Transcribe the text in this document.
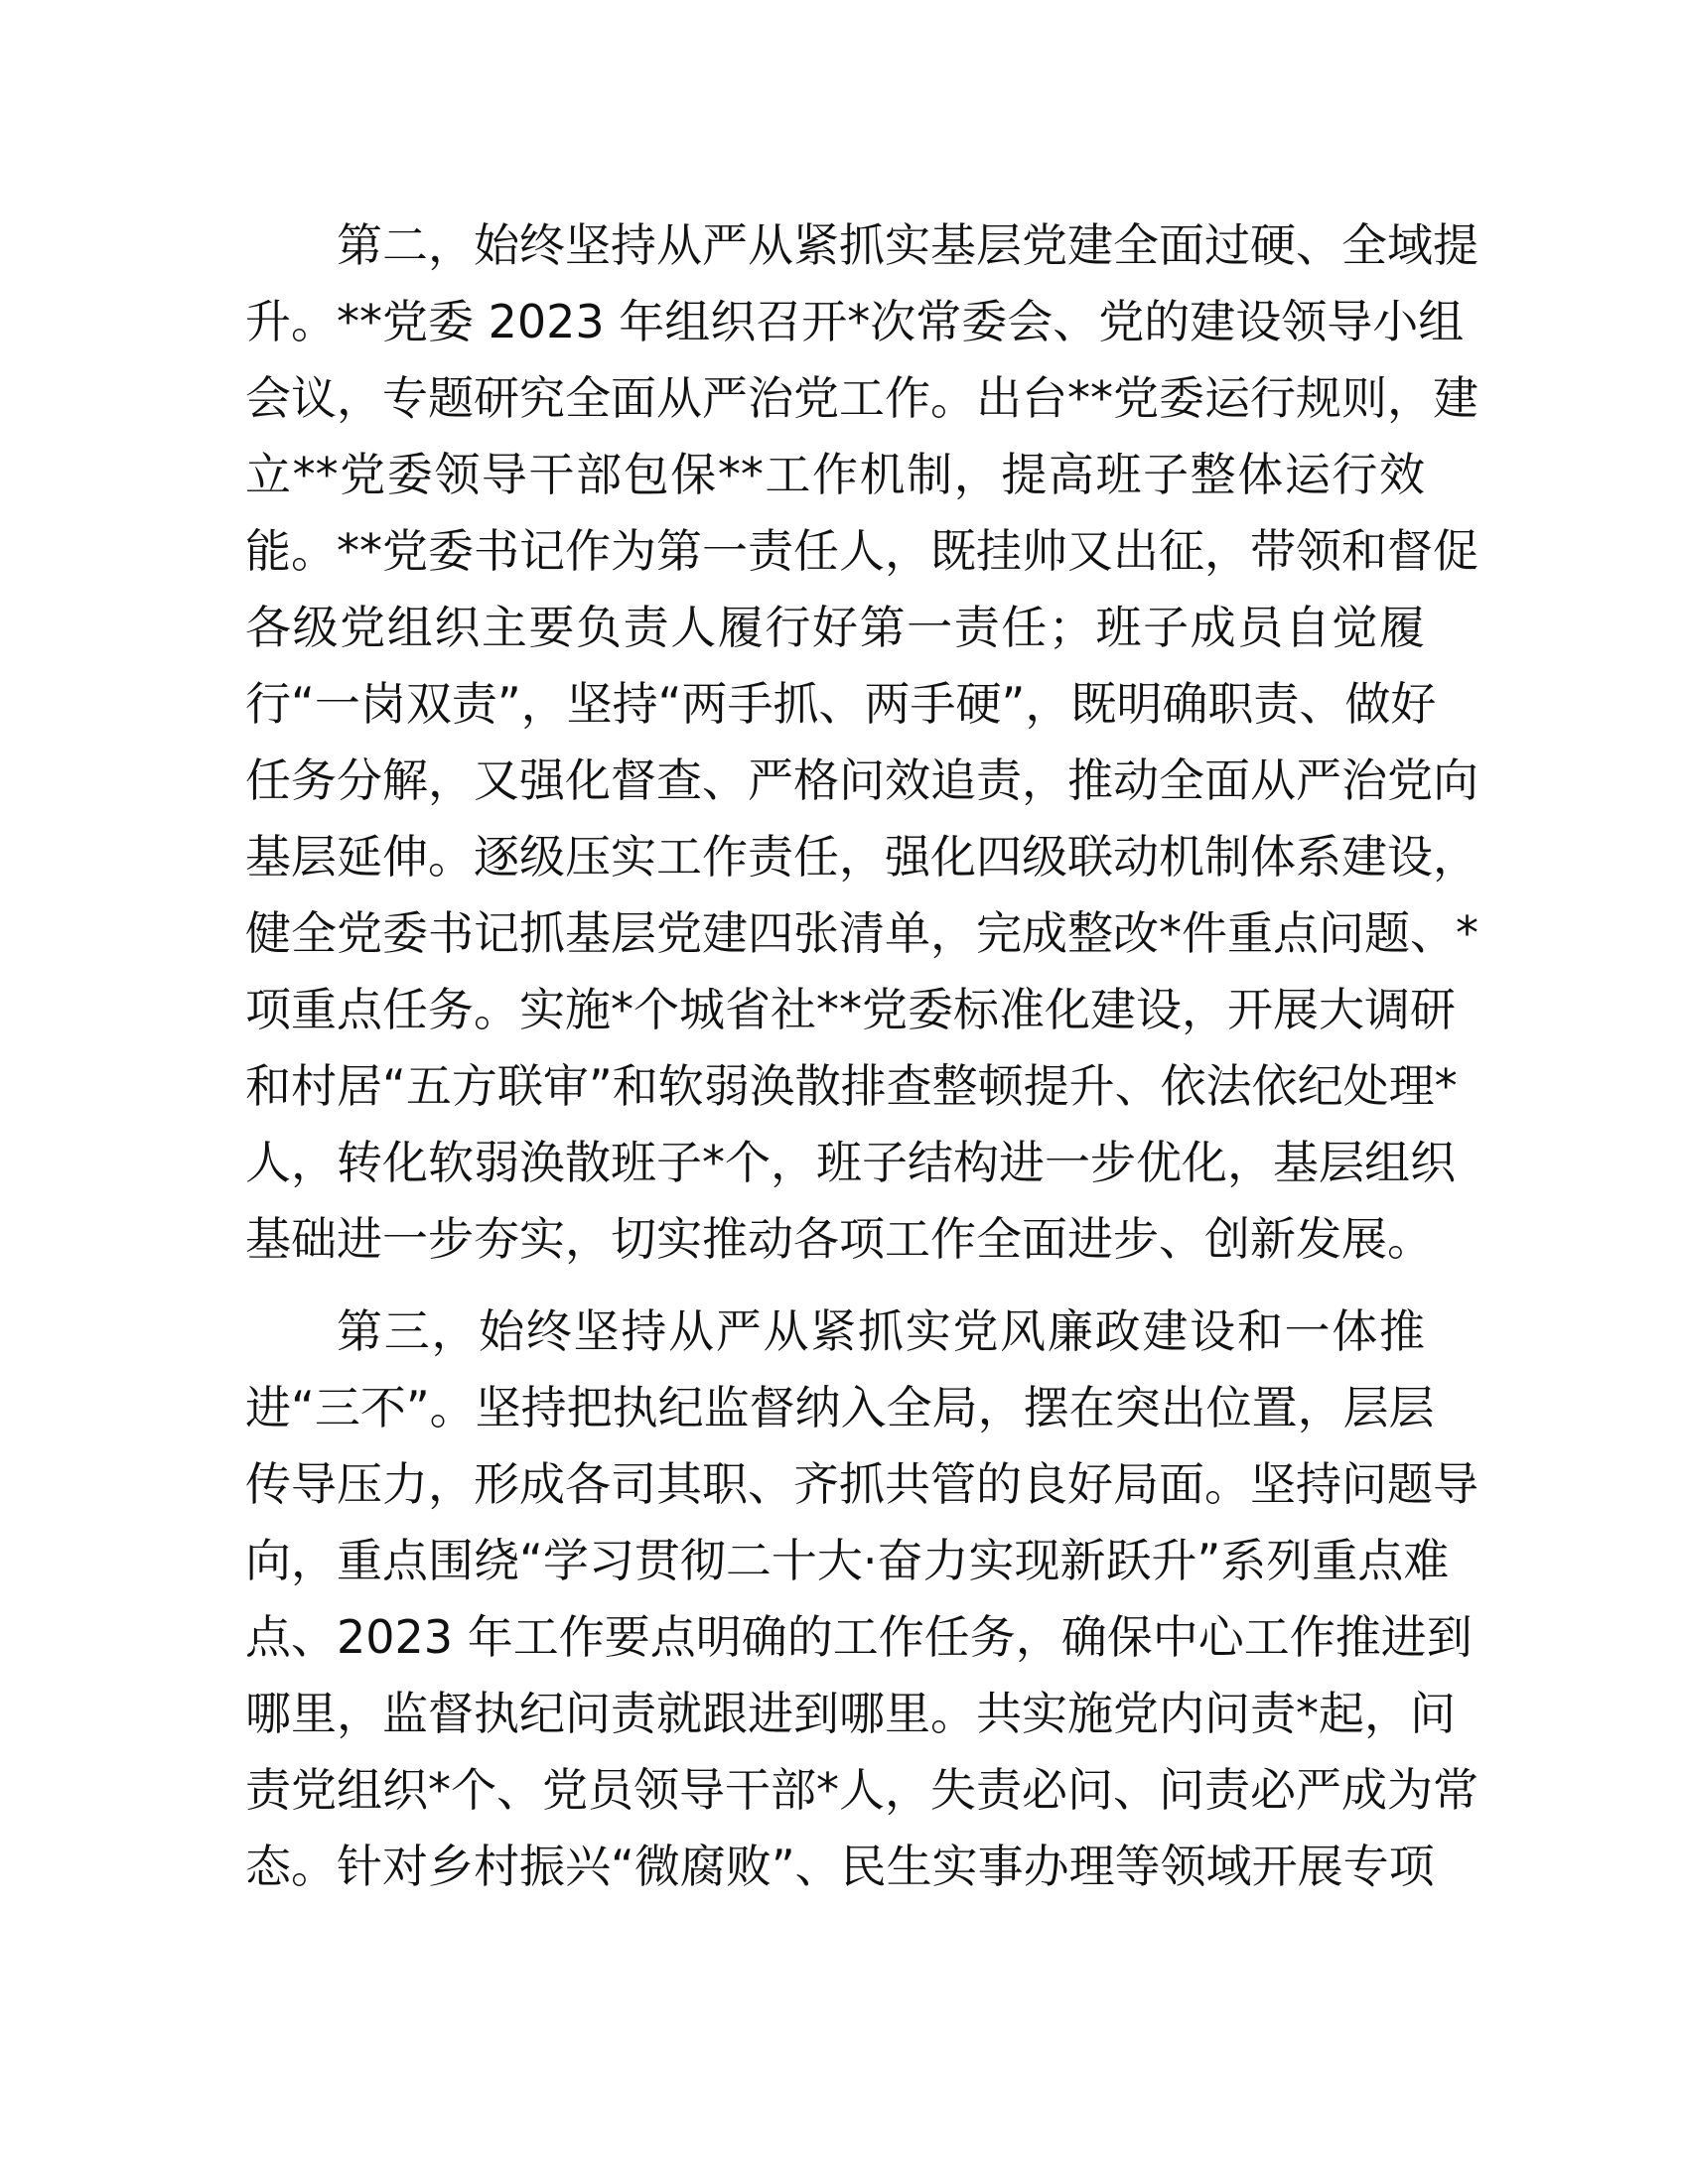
第二，始终坚持从严从紧抓实基层党建全面过硬、全域提
升。**党委 2023 年组织召开*次常委会、党的建设领导小组
会议，专题研究全面从严治党工作。出台**党委运行规则，建
立**党委领导干部包保**工作机制，提高班子整体运行效
能。**党委书记作为第一责任人，既挂帅又出征，带领和督促
各级党组织主要负责人履行好第一责任；班子成员自觉履
行“一岗双责”，坚持“两手抓、两手硬”，既明确职责、做好
任务分解，又强化督查、严格问效追责，推动全面从严治党向
基层延伸。逐级压实工作责任，强化四级联动机制体系建设，
健全党委书记抓基层党建四张清单，完成整改*件重点问题、*
项重点任务。实施*个城省社**党委标准化建设，开展大调研
和村居“五方联审”和软弱涣散排查整顿提升、依法依纪处理*
人，转化软弱涣散班子*个，班子结构进一步优化，基层组织
基础进一步夯实，切实推动各项工作全面进步、创新发展。
第三，始终坚持从严从紧抓实党风廉政建设和一体推
进“三不”。坚持把执纪监督纳入全局，摆在突出位置，层层
传导压力，形成各司其职、齐抓共管的良好局面。坚持问题导
向，重点围绕“学习贯彻二十大·奋力实现新跃升”系列重点难
点、2023 年工作要点明确的工作任务，确保中心工作推进到
哪里，监督执纪问责就跟进到哪里。共实施党内问责*起，问
责党组织*个、党员领导干部*人，失责必问、问责必严成为常
态。针对乡村振兴“微腐败”、民生实事办理等领域开展专项
